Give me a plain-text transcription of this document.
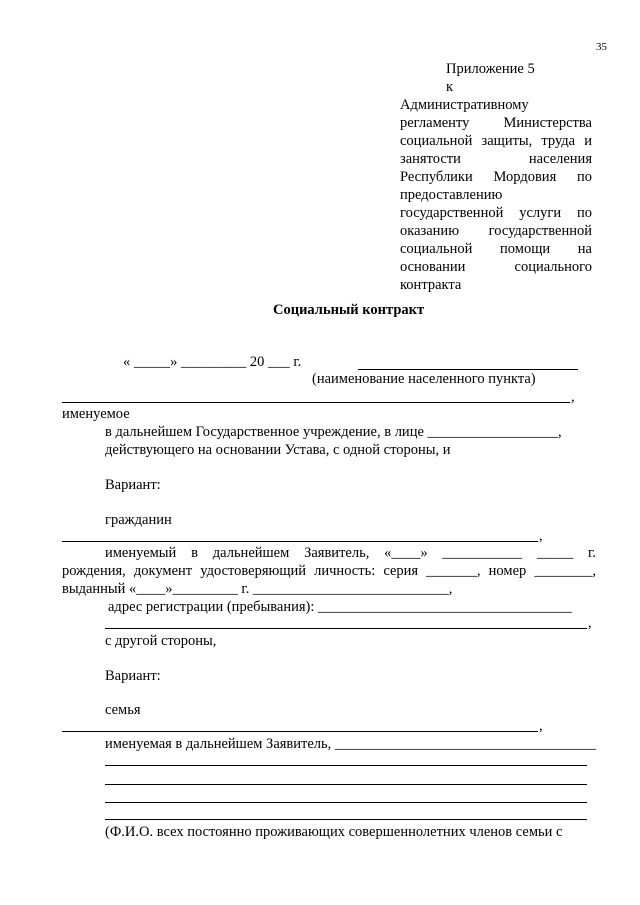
35
Приложение 5
к
Административному
регламенту Министерства
социальной защиты, труда и
занятости населения
Республики Мордовия по
предоставлению
государственной услуги по
оказанию государственной
социальной помощи на
основании социального
контракта
Социальный контракт
« _____» _________ 20 ___ г.
(наименование населенного пункта)
,
именуемое
в дальнейшем Государственное учреждение, в лице __________________,
действующего на основании Устава, с одной стороны, и
Вариант:
гражданин
,
именуемый в дальнейшем Заявитель, «____» ___________ _____ г.
рождения, документ удостоверяющий личность: серия _______, номер ________,
выданный «____»_________ г. ___________________________,
адрес регистрации (пребывания): ___________________________________
,
с другой стороны,
Вариант:
семья
,
именуемая в дальнейшем Заявитель, ____________________________________
(Ф.И.О. всех постоянно проживающих совершеннолетних членов семьи с
